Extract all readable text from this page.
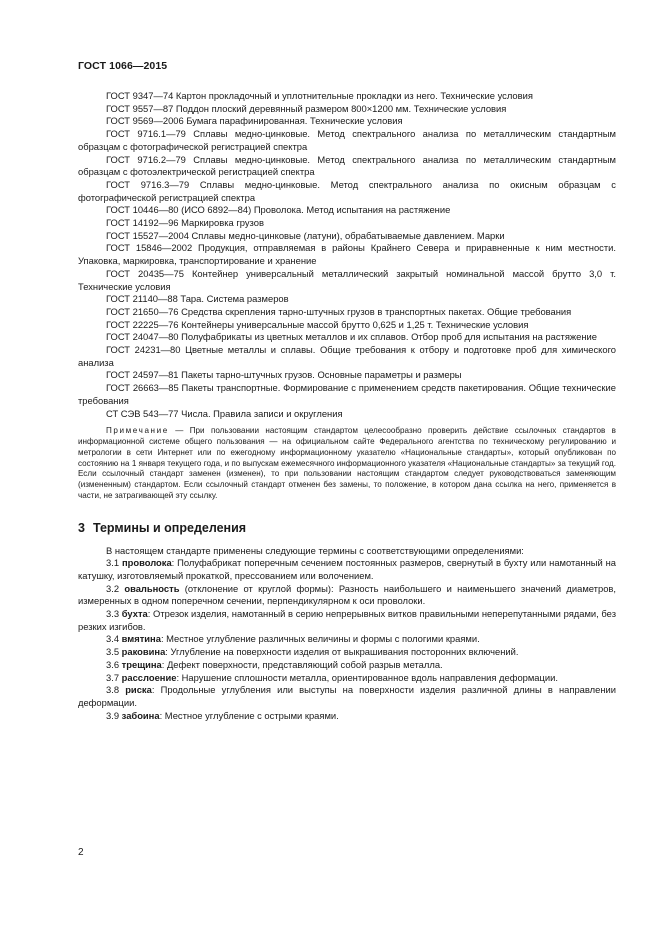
ГОСТ 1066—2015

ГОСТ 9347—74 Картон прокладочный и уплотнительные прокладки из него. Технические условия

ГОСТ 9557—87 Поддон плоский деревянный размером 800×1200 мм. Технические условия

ГОСТ 9569—2006 Бумага парафинированная. Технические условия

ГОСТ 9716.1—79 Сплавы медно-цинковые. Метод спектрального анализа по металлическим стандартным образцам с фотографической регистрацией спектра

ГОСТ 9716.2—79 Сплавы медно-цинковые. Метод спектрального анализа по металлическим стандартным образцам с фотоэлектрической регистрацией спектра

ГОСТ 9716.3—79 Сплавы медно-цинковые. Метод спектрального анализа по окисным образцам с фотографической регистрацией спектра

ГОСТ 10446—80 (ИСО 6892—84) Проволока. Метод испытания на растяжение

ГОСТ 14192—96 Маркировка грузов

ГОСТ 15527—2004 Сплавы медно-цинковые (латуни), обрабатываемые давлением. Марки

ГОСТ 15846—2002 Продукция, отправляемая в районы Крайнего Севера и приравненные к ним местности. Упаковка, маркировка, транспортирование и хранение

ГОСТ 20435—75 Контейнер универсальный металлический закрытый номинальной массой брутто 3,0 т. Технические условия

ГОСТ 21140—88 Тара. Система размеров

ГОСТ 21650—76 Средства скрепления тарно-штучных грузов в транспортных пакетах. Общие требования

ГОСТ 22225—76 Контейнеры универсальные массой брутто 0,625 и 1,25 т. Технические условия

ГОСТ 24047—80 Полуфабрикаты из цветных металлов и их сплавов. Отбор проб для испытания на растяжение

ГОСТ 24231—80 Цветные металлы и сплавы. Общие требования к отбору и подготовке проб для химического анализа

ГОСТ 24597—81 Пакеты тарно-штучных грузов. Основные параметры и размеры

ГОСТ 26663—85 Пакеты транспортные. Формирование с применением средств пакетирования. Общие технические требования

СТ СЭВ 543—77 Числа. Правила записи и округления

Примечание — При пользовании настоящим стандартом целесообразно проверить действие ссылочных стандартов в информационной системе общего пользования — на официальном сайте Федерального агентства по техническому регулированию и метрологии в сети Интернет или по ежегодному информационному указателю «Национальные стандарты», который опубликован по состоянию на 1 января текущего года, и по выпускам ежемесячного информационного указателя «Национальные стандарты» за текущий год. Если ссылочный стандарт заменен (изменен), то при пользовании настоящим стандартом следует руководствоваться заменяющим (измененным) стандартом. Если ссылочный стандарт отменен без замены, то положение, в котором дана ссылка на него, применяется в части, не затрагивающей эту ссылку.

3 Термины и определения

В настоящем стандарте применены следующие термины с соответствующими определениями:

3.1 проволока: Полуфабрикат поперечным сечением постоянных размеров, свернутый в бухту или намотанный на катушку, изготовляемый прокаткой, прессованием или волочением.

3.2 овальность (отклонение от круглой формы): Разность наибольшего и наименьшего значений диаметров, измеренных в одном поперечном сечении, перпендикулярном к оси проволоки.

3.3 бухта: Отрезок изделия, намотанный в серию непрерывных витков правильными неперепутанными рядами, без резких изгибов.

3.4 вмятина: Местное углубление различных величины и формы с пологими краями.

3.5 раковина: Углубление на поверхности изделия от выкрашивания посторонних включений.

3.6 трещина: Дефект поверхности, представляющий собой разрыв металла.

3.7 расслоение: Нарушение сплошности металла, ориентированное вдоль направления деформации.

3.8 риска: Продольные углубления или выступы на поверхности изделия различной длины в направлении деформации.

3.9 забоина: Местное углубление с острыми краями.

2
